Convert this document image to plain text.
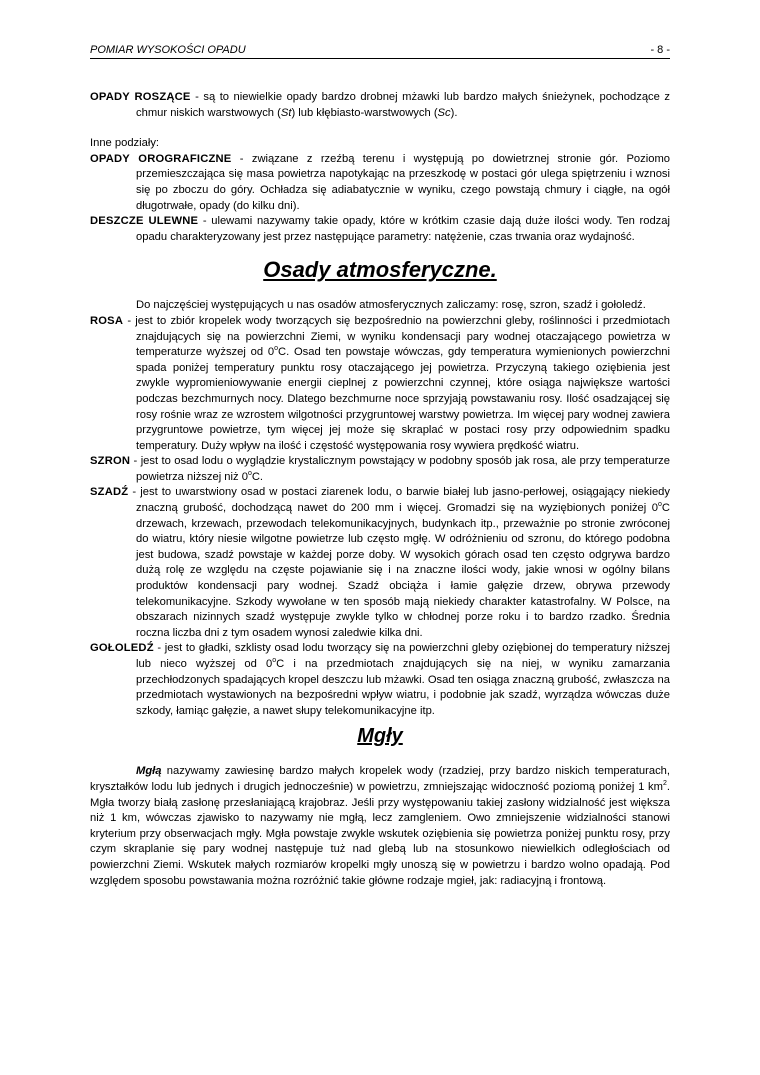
POMIAR WYSOKOŚCI OPADU	- 8 -

OPADY ROSZĄCE - są to niewielkie opady bardzo drobnej mżawki lub bardzo małych śnieżynek, pochodzące z chmur niskich warstwowych (St) lub kłębiasto-warstwowych (Sc).

Inne podziały:

OPADY OROGRAFICZNE - związane z rzeźbą terenu i występują po dowietrznej stronie gór. Poziomo przemieszczająca się masa powietrza napotykając na przeszkodę w postaci gór ulega spiętrzeniu i wznosi się po zboczu do góry. Ochładza się adiabatycznie w wyniku, czego powstają chmury i ciągłe, na ogół długotrwałe, opady (do kilku dni).

DESZCZE ULEWNE - ulewami nazywamy takie opady, które w krótkim czasie dają duże ilości wody. Ten rodzaj opadu charakteryzowany jest przez następujące parametry: natężenie, czas trwania oraz wydajność.

Osady atmosferyczne.

Do najczęściej występujących u nas osadów atmosferycznych zaliczamy: rosę, szron, szadź i gołoledź.

ROSA - jest to zbiór kropelek wody tworzących się bezpośrednio na powierzchni gleby, roślinności i przedmiotach znajdujących się na powierzchni Ziemi, w wyniku kondensacji pary wodnej otaczającego powietrza w temperaturze wyższej od 0$^o$C. Osad ten powstaje wówczas, gdy temperatura wymienionych powierzchni spada poniżej temperatury punktu rosy otaczającego jej powietrza. Przyczyną takiego oziębienia jest zwykle wypromieniowywanie energii cieplnej z powierzchni czynnej, które osiąga największe wartości podczas bezchmurnych nocy. Dlatego bezchmurne noce sprzyjają powstawaniu rosy. Ilość osadzającej się rosy rośnie wraz ze wzrostem wilgotności przygruntowej warstwy powietrza. Im więcej pary wodnej zawiera przygruntowe powietrze, tym więcej jej może się skraplać w postaci rosy przy odpowiednim spadku temperatury. Duży wpływ na ilość i częstość występowania rosy wywiera prędkość wiatru.

SZRON - jest to osad lodu o wyglądzie krystalicznym powstający w podobny sposób jak rosa, ale przy temperaturze powietrza niższej niż 0$^o$C.

SZADŹ - jest to uwarstwiony osad w postaci ziarenek lodu, o barwie białej lub jasno-perłowej, osiągający niekiedy znaczną grubość, dochodzącą nawet do 200 mm i więcej. Gromadzi się na wyziębionych poniżej 0$^o$C drzewach, krzewach, przewodach telekomunikacyjnych, budynkach itp., przeważnie po stronie zwróconej do wiatru, który niesie wilgotne powietrze lub często mgłę. W odróżnieniu od szronu, do którego podobna jest budowa, szadź powstaje w każdej porze doby. W wysokich górach osad ten często odgrywa bardzo dużą rolę ze względu na częste pojawianie się i na znaczne ilości wody, jakie wnosi w ogólny bilans produktów kondensacji pary wodnej. Szadź obciąża i łamie gałęzie drzew, obrywa przewody telekomunikacyjne. Szkody wywołane w ten sposób mają niekiedy charakter katastrofalny. W Polsce, na obszarach nizinnych szadź występuje zwykle tylko w chłodnej porze roku i to bardzo rzadko. Średnia roczna liczba dni z tym osadem wynosi zaledwie kilka dni.

GOŁOLEDŹ - jest to gładki, szklisty osad lodu tworzący się na powierzchni gleby oziębionej do temperatury niższej lub nieco wyższej od 0$^o$C i na przedmiotach znajdujących się na niej, w wyniku zamarzania przechłodzonych spadających kropel deszczu lub mżawki. Osad ten osiąga znaczną grubość, zwłaszcza na przedmiotach wystawionych na bezpośredni wpływ wiatru, i podobnie jak szadź, wyrządza wówczas duże szkody, łamiąc gałęzie, a nawet słupy telekomunikacyjne itp.

Mgły

Mgłą nazywamy zawiesinę bardzo małych kropelek wody (rzadziej, przy bardzo niskich temperaturach, kryształków lodu lub jednych i drugich jednocześnie) w powietrzu, zmniejszając widoczność poziomą poniżej 1 $km^2$. Mgła tworzy białą zasłonę przesłaniającą krajobraz. Jeśli przy występowaniu takiej zasłony widzialność jest większa niż 1 km, wówczas zjawisko to nazywamy nie mgłą, lecz zamgleniem. Owo zmniejszenie widzialności stanowi kryterium przy obserwacjach mgły. Mgła powstaje zwykle wskutek oziębienia się powietrza poniżej punktu rosy, przy czym skraplanie się pary wodnej następuje tuż nad glebą lub na stosunkowo niewielkich odległościach od powierzchni Ziemi. Wskutek małych rozmiarów kropelki mgły unoszą się w powietrzu i bardzo wolno opadają. Pod względem sposobu powstawania można rozróżnić takie główne rodzaje mgieł, jak: radiacyjną i frontową.
